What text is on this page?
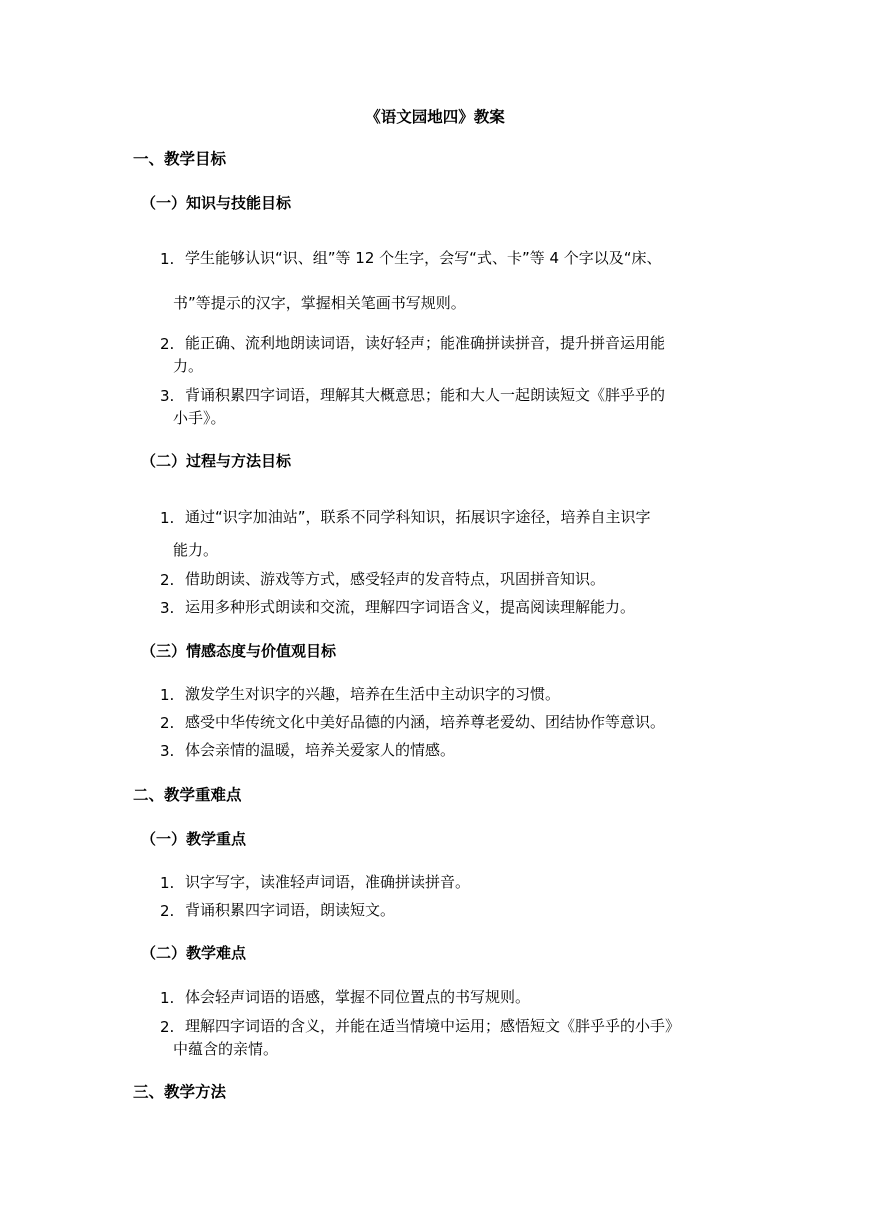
《语文园地四》教案
一、教学目标
（一）知识与技能目标
1. 学生能够认识“识、组”等 12 个生字，会写“式、卡”等 4 个字以及“床、
书”等提示的汉字，掌握相关笔画书写规则。
2. 能正确、流利地朗读词语，读好轻声；能准确拼读拼音，提升拼音运用能
力。
3. 背诵积累四字词语，理解其大概意思；能和大人一起朗读短文《胖乎乎的
小手》。
（二）过程与方法目标
1. 通过“识字加油站”，联系不同学科知识，拓展识字途径，培养自主识字
能力。
2. 借助朗读、游戏等方式，感受轻声的发音特点，巩固拼音知识。
3. 运用多种形式朗读和交流，理解四字词语含义，提高阅读理解能力。
（三）情感态度与价值观目标
1. 激发学生对识字的兴趣，培养在生活中主动识字的习惯。
2. 感受中华传统文化中美好品德的内涵，培养尊老爱幼、团结协作等意识。
3. 体会亲情的温暖，培养关爱家人的情感。
二、教学重难点
（一）教学重点
1. 识字写字，读准轻声词语，准确拼读拼音。
2. 背诵积累四字词语，朗读短文。
（二）教学难点
1. 体会轻声词语的语感，掌握不同位置点的书写规则。
2. 理解四字词语的含义，并能在适当情境中运用；感悟短文《胖乎乎的小手》
中蕴含的亲情。
三、教学方法
